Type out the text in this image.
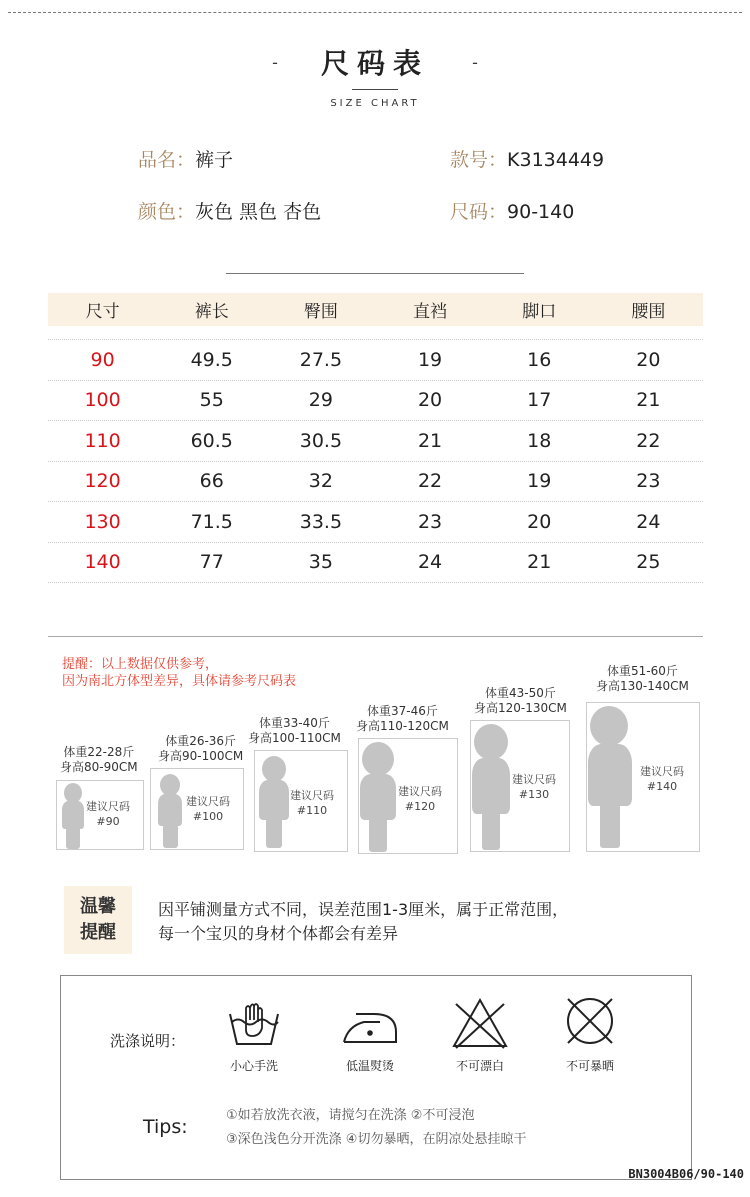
- 尺码表	-
SIZE CHART
品名：裤子	款号：K3134449
颜色：灰色 黑色 杏色	尺码：90-140
尺寸	裤长	臀围	直裆	脚口	腰围
90	49.5	27.5	19	16	20
100	55	29	20	17	21
110	60.5	30.5	21	18	22
120	66	32	22	19	23
130	71.5	33.5	23	20	24
140	77	35	24	21	25
提醒：以上数据仅供参考，
因为南北方体型差异，具体请参考尺码表
体重22-28斤
身高80-90CM
建议尺码
#90
体重26-36斤
身高90-100CM
建议尺码
#100
体重33-40斤
身高100-110CM
建议尺码
#110
体重37-46斤
身高110-120CM
建议尺码
#120
体重43-50斤
身高120-130CM
建议尺码
#130
体重51-60斤
身高130-140CM
建议尺码
#140
温馨
提醒
因平铺测量方式不同，误差范围1-3厘米，属于正常范围，
每一个宝贝的身材个体都会有差异
洗涤说明：
小心手洗	低温熨烫	不可漂白	不可暴晒
Tips:
①如若放洗衣液，请搅匀在洗涤 ②不可浸泡
③深色浅色分开洗涤 ④切勿暴晒，在阴凉处悬挂晾干
BN3004B06/90-140
